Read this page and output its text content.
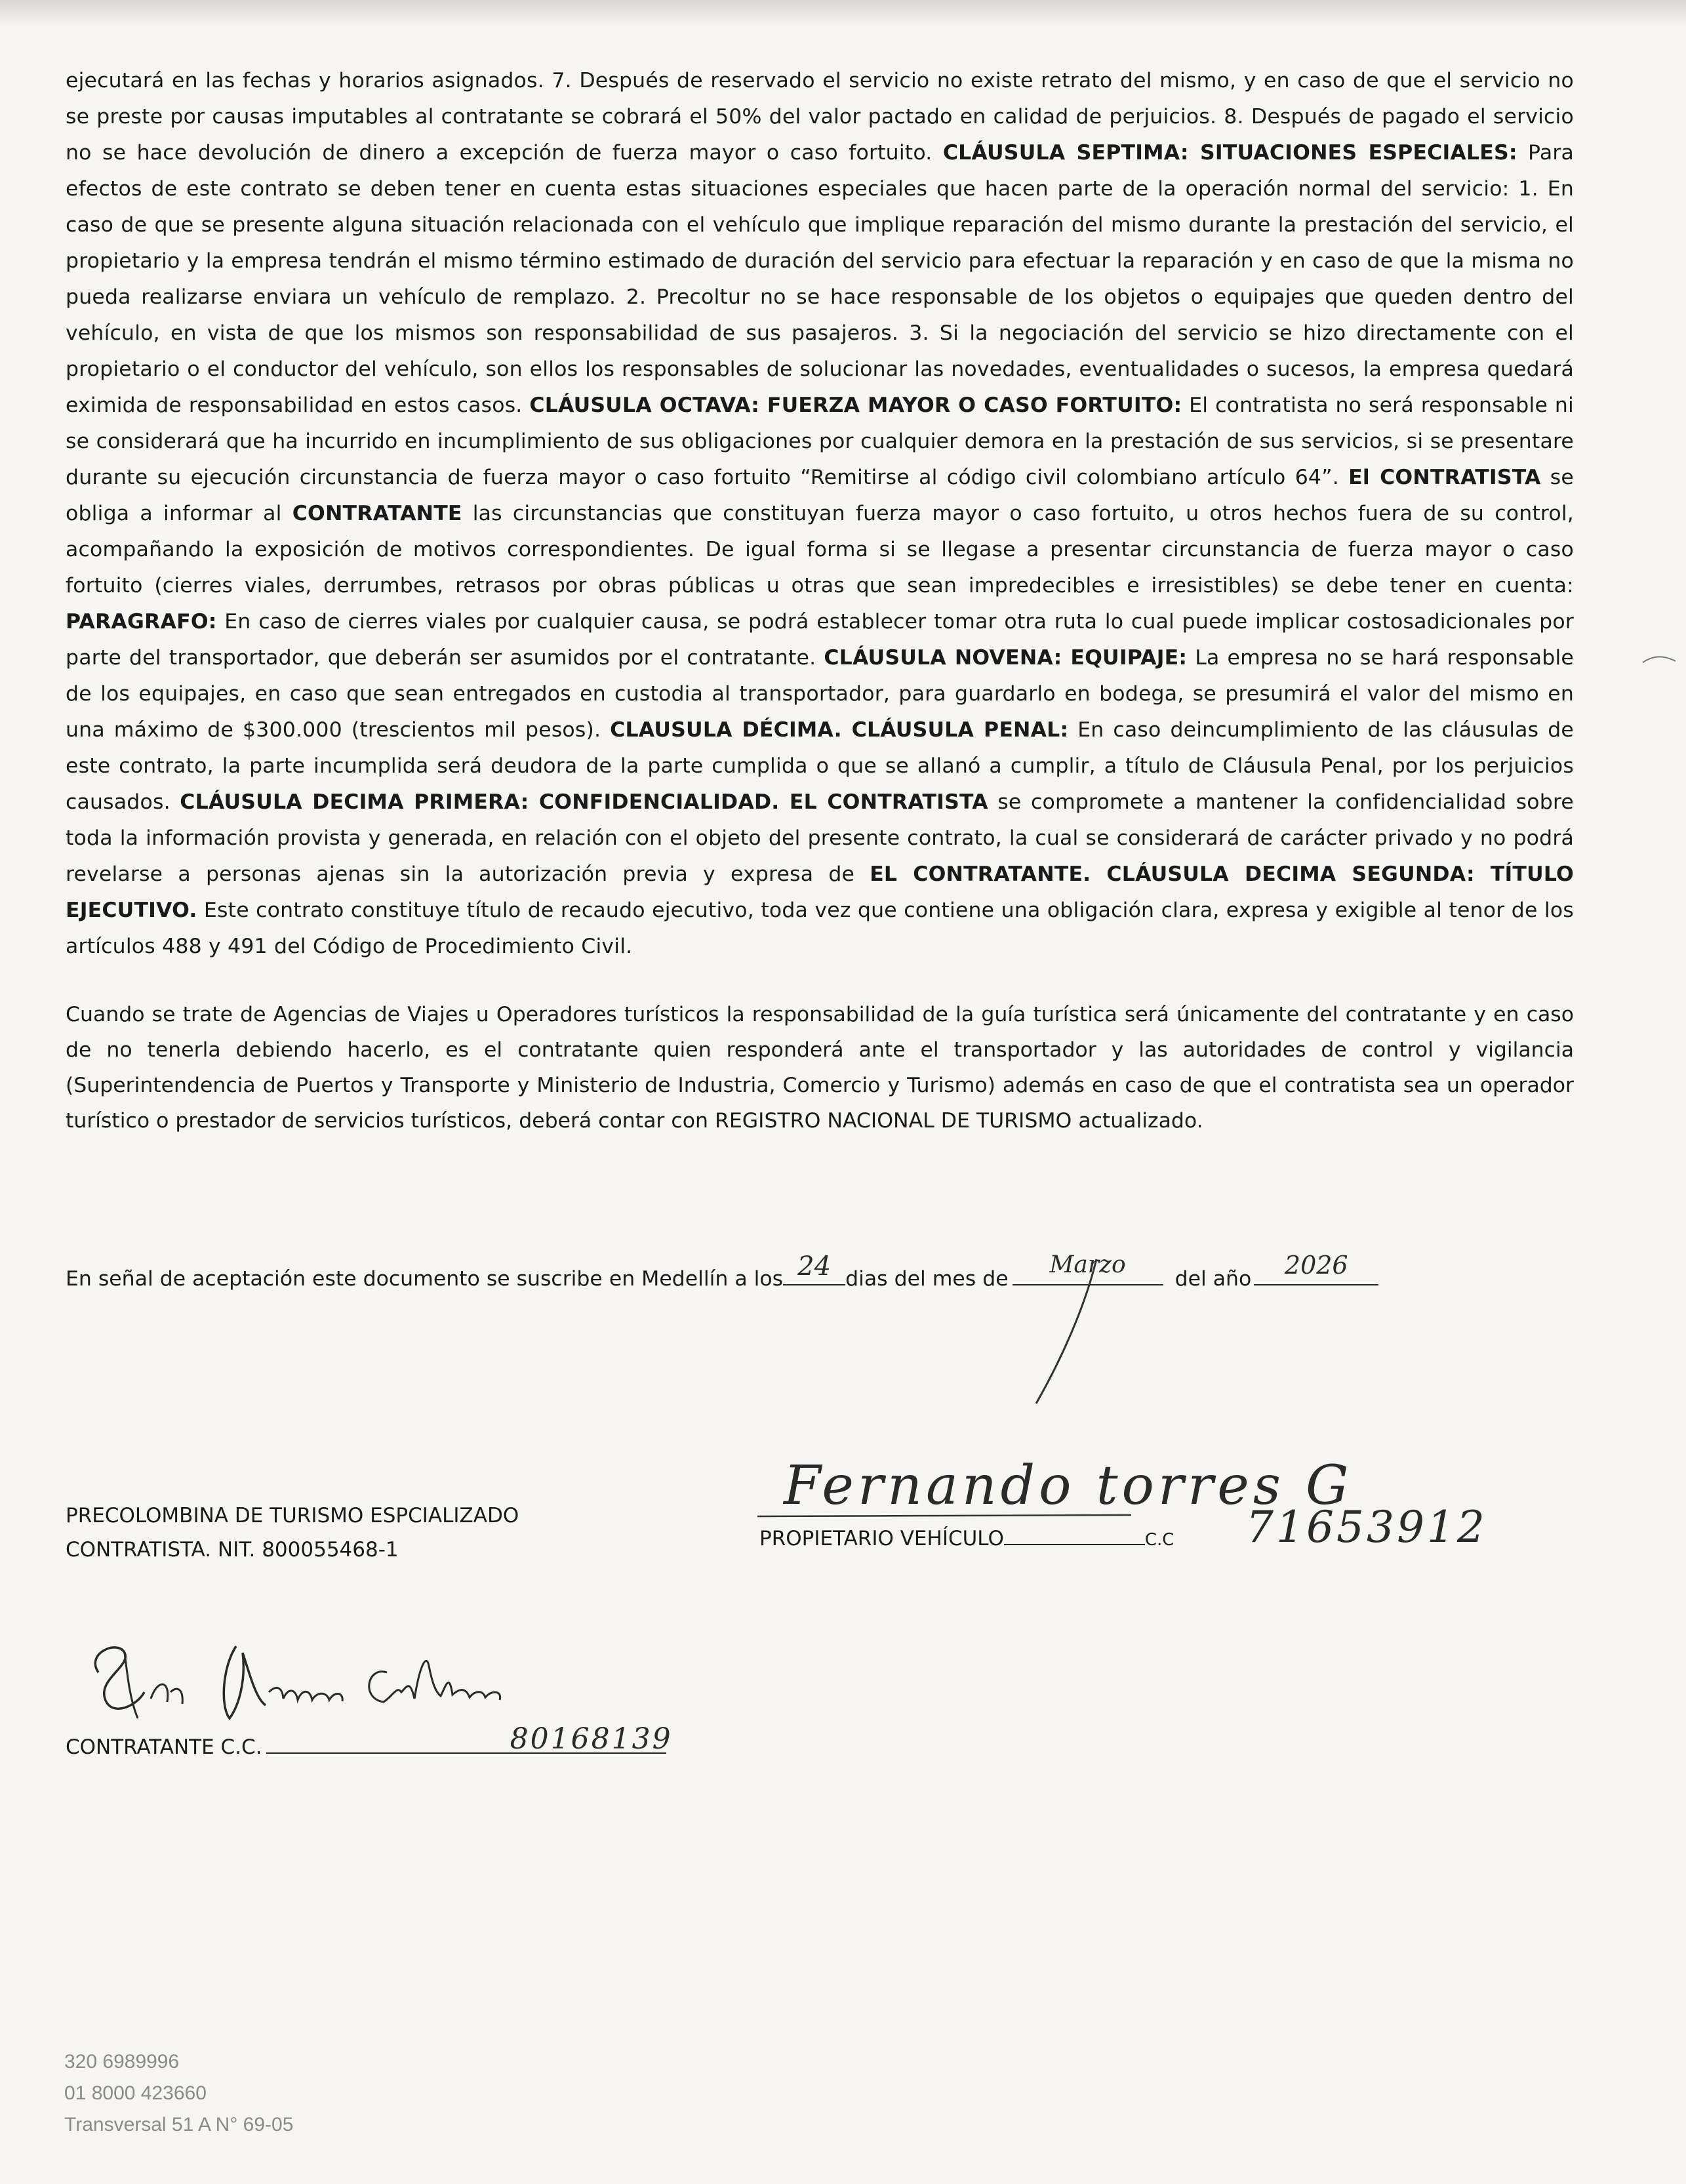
ejecutará en las fechas y horarios asignados. 7. Después de reservado el servicio no existe retrato del mismo, y en caso de que el servicio no se preste por causas imputables al contratante se cobrará el 50% del valor pactado en calidad de perjuicios. 8. Después de pagado el servicio no se hace devolución de dinero a excepción de fuerza mayor o caso fortuito. CLÁUSULA SEPTIMA: SITUACIONES ESPECIALES: Para efectos de este contrato se deben tener en cuenta estas situaciones especiales que hacen parte de la operación normal del servicio: 1. En caso de que se presente alguna situación relacionada con el vehículo que implique reparación del mismo durante la prestación del servicio, el propietario y la empresa tendrán el mismo término estimado de duración del servicio para efectuar la reparación y en caso de que la misma no pueda realizarse enviara un vehículo de remplazo. 2. Precoltur no se hace responsable de los objetos o equipajes que queden dentro del vehículo, en vista de que los mismos son responsabilidad de sus pasajeros. 3. Si la negociación del servicio se hizo directamente con el propietario o el conductor del vehículo, son ellos los responsables de solucionar las novedades, eventualidades o sucesos, la empresa quedará eximida de responsabilidad en estos casos. CLÁUSULA OCTAVA: FUERZA MAYOR O CASO FORTUITO: El contratista no será responsable ni se considerará que ha incurrido en incumplimiento de sus obligaciones por cualquier demora en la prestación de sus servicios, si se presentare durante su ejecución circunstancia de fuerza mayor o caso fortuito “Remitirse al código civil colombiano artículo 64”. El CONTRATISTA se obliga a informar al CONTRATANTE las circunstancias que constituyan fuerza mayor o caso fortuito, u otros hechos fuera de su control, acompañando la exposición de motivos correspondientes. De igual forma si se llegase a presentar circunstancia de fuerza mayor o caso fortuito (cierres viales, derrumbes, retrasos por obras públicas u otras que sean impredecibles e irresistibles) se debe tener en cuenta: PARAGRAFO: En caso de cierres viales por cualquier causa, se podrá establecer tomar otra ruta lo cual puede implicar costosadicionales por parte del transportador, que deberán ser asumidos por el contratante. CLÁUSULA NOVENA: EQUIPAJE: La empresa no se hará responsable de los equipajes, en caso que sean entregados en custodia al transportador, para guardarlo en bodega, se presumirá el valor del mismo en una máximo de $300.000 (trescientos mil pesos). CLAUSULA DÉCIMA. CLÁUSULA PENAL: En caso deincumplimiento de las cláusulas de este contrato, la parte incumplida será deudora de la parte cumplida o que se allanó a cumplir, a título de Cláusula Penal, por los perjuicios causados. CLÁUSULA DECIMA PRIMERA: CONFIDENCIALIDAD. EL CONTRATISTA se compromete a mantener la confidencialidad sobre toda la información provista y generada, en relación con el objeto del presente contrato, la cual se considerará de carácter privado y no podrá revelarse a personas ajenas sin la autorización previa y expresa de EL CONTRATANTE. CLÁUSULA DECIMA SEGUNDA: TÍTULO EJECUTIVO. Este contrato constituye título de recaudo ejecutivo, toda vez que contiene una obligación clara, expresa y exigible al tenor de los artículos 488 y 491 del Código de Procedimiento Civil.
Cuando se trate de Agencias de Viajes u Operadores turísticos la responsabilidad de la guía turística será únicamente del contratante y en caso de no tenerla debiendo hacerlo, es el contratante quien responderá ante el transportador y las autoridades de control y vigilancia (Superintendencia de Puertos y Transporte y Ministerio de Industria, Comercio y Turismo) además en caso de que el contratista sea un operador turístico o prestador de servicios turísticos, deberá contar con REGISTRO NACIONAL DE TURISMO actualizado.
En señal de aceptación este documento se suscribe en Medellín a los 24 dias del mes de
Marzo
del año	2026
PRECOLOMBINA DE TURISMO ESPCIALIZADO
CONTRATISTA. NIT. 800055468-1
Fernando torres G
PROPIETARIO VEHÍCULO	C.C 71653912
CONTRATANTE C.C.	80168139
320 6989996
01 8000 423660
Transversal 51 A N° 69-05
